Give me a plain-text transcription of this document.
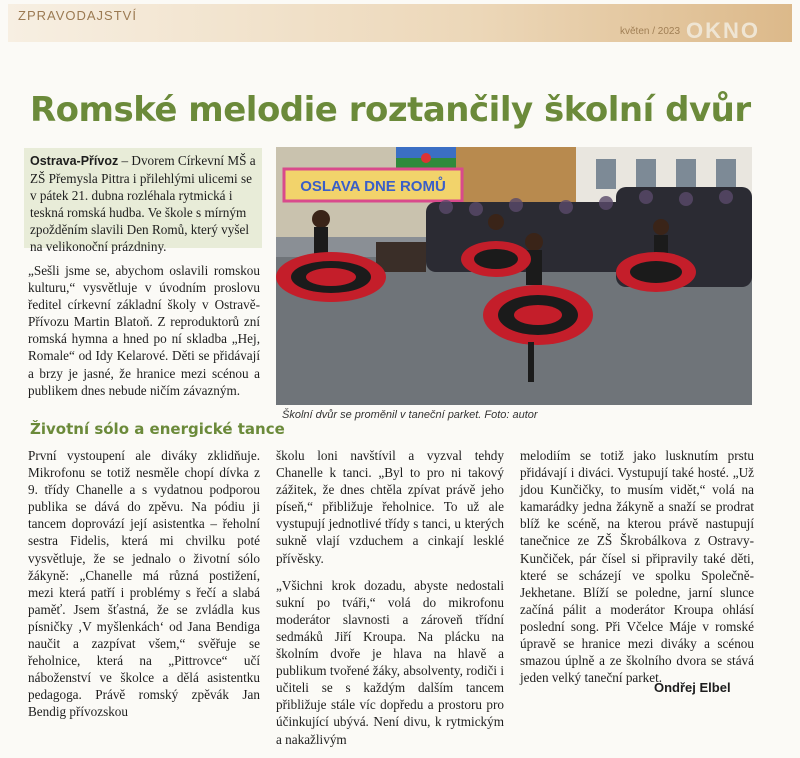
ZPRAVODAJSTVÍ
květen / 2023 OKNO
Romské melodie roztančily školní dvůr
Ostrava-Přívoz – Dvorem Církevní MŠ a ZŠ Přemysla Pittra i přilehlými ulicemi se v pátek 21. dubna rozléhala rytmická i teskná romská hudba. Ve škole s mírným zpožděním slavili Den Romů, který vyšel na velikonoční prázdniny.

„Sešli jsme se, abychom oslavili romskou kulturu,“ vysvětluje v úvodním proslovu ředitel církevní základní školy v Ostravě-Přívozu Martin Blatoň. Z reproduktorů zní romská hymna a hned po ní skladba „Hej, Romale“ od Idy Kelarové. Děti se přidávají a brzy je jasné, že hranice mezi scénou a publikem dnes nebude ničím závazným.

Životní sólo a energické tance

První vystoupení ale diváky zklidňuje. Mikrofonu se totiž nesměle chopí dívka z 9. třídy Chanelle a s vydatnou podporou publika se dává do zpěvu. Na pódiu ji tancem doprovází její asistentka – řeholní sestra Fidelis, která mi chvilku poté vysvětluje, že se jednalo o životní sólo žákyně: „Chanelle má různá postižení, mezi která patří i problémy s řečí a slabá paměť. Jsem šťastná, že se zvládla kus písničky ‚V myšlenkách‘ od Jana Bendiga naučit a zazpívat všem,“ svěřuje se řeholnice, která na „Pittrovce“ učí náboženství ve školce a dělá asistentku pedagoga. Právě romský zpěvák Jan Bendig přívozskou

školu loni navštívil a vyzval tehdy Chanelle k tanci. „Byl to pro ni takový zážitek, že dnes chtěla zpívat právě jeho píseň,“ přibližuje řeholnice. To už ale vystupují jednotlivé třídy s tanci, u kterých sukně vlají vzduchem a cinkají lesklé přívěsky.

„Všichni krok dozadu, abyste nedostali sukní po tváři,“ volá do mikrofonu moderátor slavnosti a zároveň třídní sedmáků Jiří Kroupa. Na plácku na školním dvoře je hlava na hlavě a publikum tvořené žáky, absolventy, rodiči i učiteli se s každým dalším tancem přibližuje stále víc dopředu a prostoru pro účinkující ubývá. Není divu, k rytmickým a nakažlivým

melodiím se totiž jako lusknutím prstu přidávají i diváci. Vystupují také hosté. „Už jdou Kunčičky, to musím vidět,“ volá na kamarádky jedna žákyně a snaží se prodrat blíž ke scéně, na kterou právě nastupují tanečnice ze ZŠ Škrobálkova z Ostravy-Kunčiček, pár čísel si připravily také děti, které se scházejí ve spolku Společně-Jekhetane. Blíží se poledne, jarní slunce začíná pálit a moderátor Kroupa ohlásí poslední song. Při Včelce Máje v romské úpravě se hranice mezi diváky a scénou smazou úplně a ze školního dvora se stává jeden velký taneční parket.

OSLAVA DNE ROMŮ
Školní dvůr se proměnil v taneční parket. Foto: autor
Ondřej Elbel
